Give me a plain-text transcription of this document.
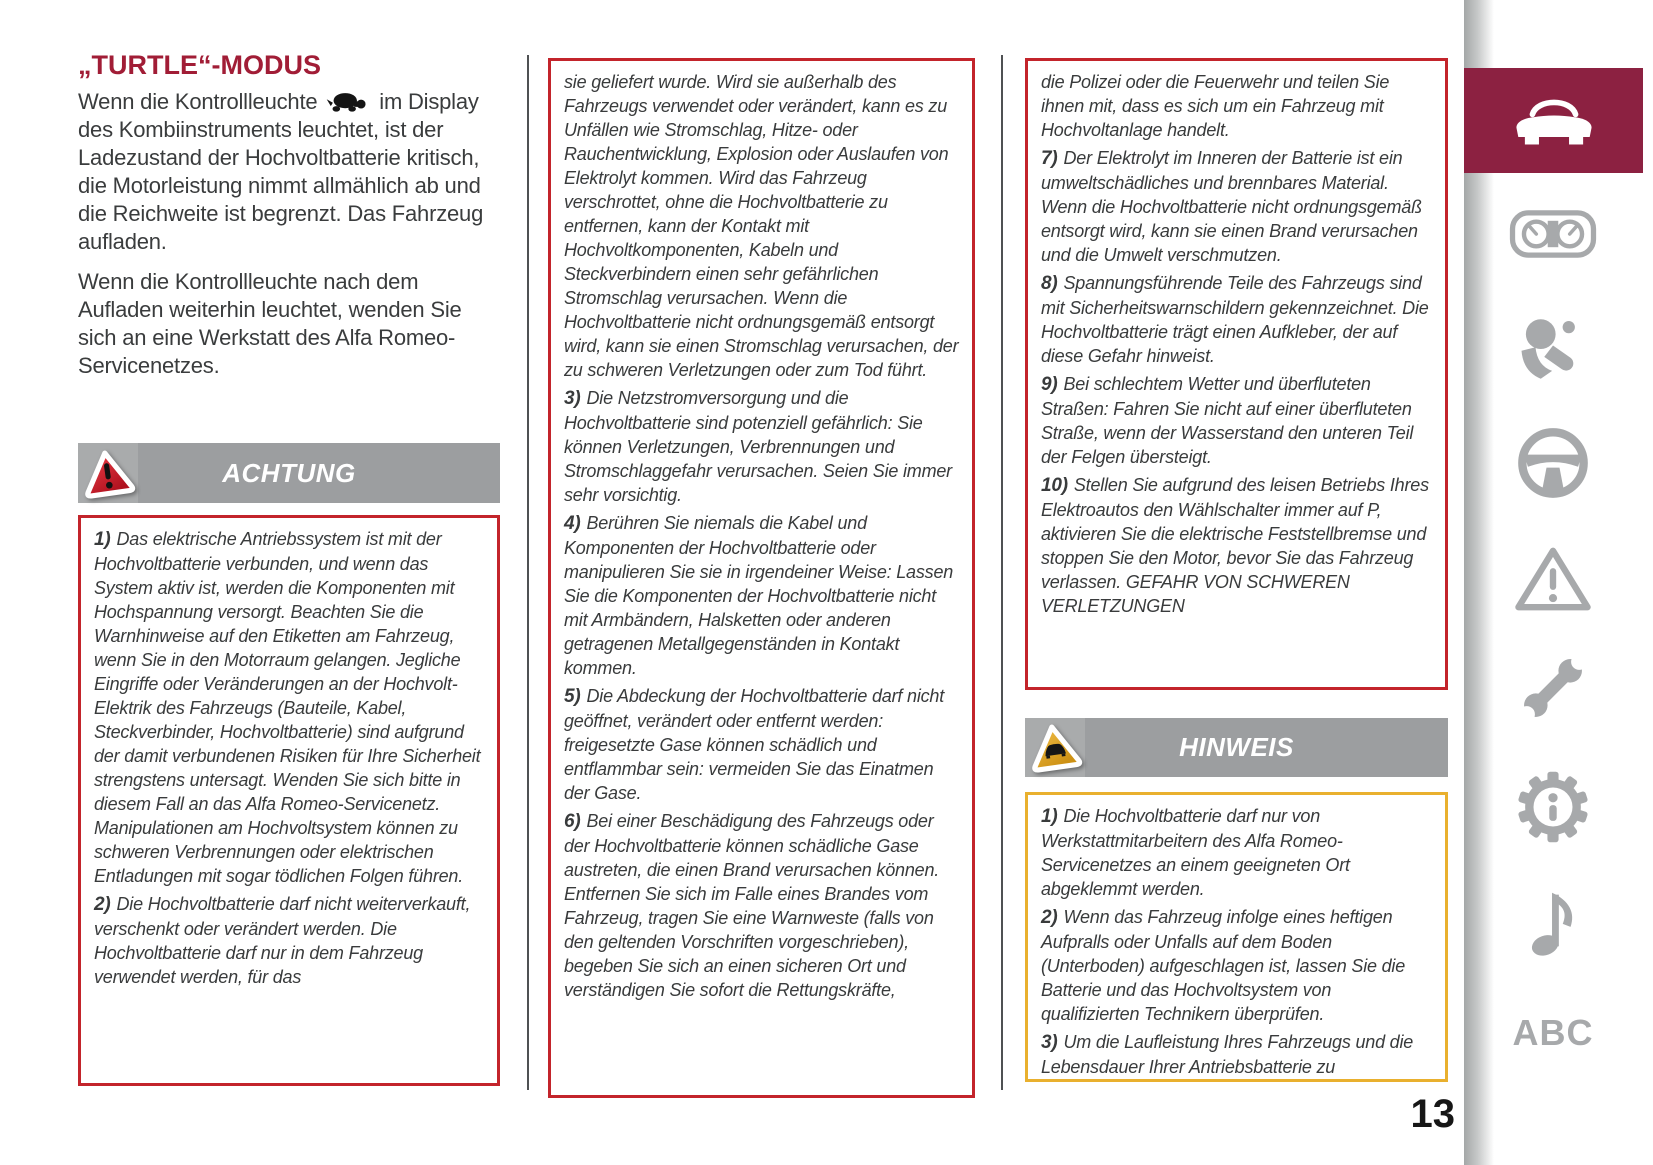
„TURTLE“-MODUS

Wenn die Kontrollleuchte	im Display des Kombiinstruments leuchtet, ist der Ladezustand der Hochvoltbatterie kritisch, die Motorleistung nimmt allmählich ab und die Reichweite ist begrenzt. Das Fahrzeug aufladen.

Wenn die Kontrollleuchte nach dem Aufladen weiterhin leuchtet, wenden Sie sich an eine Werkstatt des Alfa Romeo-Servicenetzes.

ACHTUNG

1) Das elektrische Antriebssystem ist mit der Hochvoltbatterie verbunden, und wenn das System aktiv ist, werden die Komponenten mit Hochspannung versorgt. Beachten Sie die Warnhinweise auf den Etiketten am Fahrzeug, wenn Sie in den Motorraum gelangen. Jegliche Eingriffe oder Veränderungen an der Hochvolt-Elektrik des Fahrzeugs (Bauteile, Kabel, Steckverbinder, Hochvoltbatterie) sind aufgrund der damit verbundenen Risiken für Ihre Sicherheit strengstens untersagt. Wenden Sie sich bitte in diesem Fall an das Alfa Romeo-Servicenetz. Manipulationen am Hochvoltsystem können zu schweren Verbrennungen oder elektrischen Entladungen mit sogar tödlichen Folgen führen.

2) Die Hochvoltbatterie darf nicht weiterverkauft, verschenkt oder verändert werden. Die Hochvoltbatterie darf nur in dem Fahrzeug verwendet werden, für das

sie geliefert wurde. Wird sie außerhalb des Fahrzeugs verwendet oder verändert, kann es zu Unfällen wie Stromschlag, Hitze- oder Rauchentwicklung, Explosion oder Auslaufen von Elektrolyt kommen. Wird das Fahrzeug verschrottet, ohne die Hochvoltbatterie zu entfernen, kann der Kontakt mit Hochvoltkomponenten, Kabeln und Steckverbindern einen sehr gefährlichen Stromschlag verursachen. Wenn die Hochvoltbatterie nicht ordnungsgemäß entsorgt wird, kann sie einen Stromschlag verursachen, der zu schweren Verletzungen oder zum Tod führt.

3) Die Netzstromversorgung und die Hochvoltbatterie sind potenziell gefährlich: Sie können Verletzungen, Verbrennungen und Stromschlaggefahr verursachen. Seien Sie immer sehr vorsichtig.

4) Berühren Sie niemals die Kabel und Komponenten der Hochvoltbatterie oder manipulieren Sie sie in irgendeiner Weise: Lassen Sie die Komponenten der Hochvoltbatterie nicht mit Armbändern, Halsketten oder anderen getragenen Metallgegenständen in Kontakt kommen.

5) Die Abdeckung der Hochvoltbatterie darf nicht geöffnet, verändert oder entfernt werden: freigesetzte Gase können schädlich und entflammbar sein: vermeiden Sie das Einatmen der Gase.

6) Bei einer Beschädigung des Fahrzeugs oder der Hochvoltbatterie können schädliche Gase austreten, die einen Brand verursachen können. Entfernen Sie sich im Falle eines Brandes vom Fahrzeug, tragen Sie eine Warnweste (falls von den geltenden Vorschriften vorgeschrieben), begeben Sie sich an einen sicheren Ort und verständigen Sie sofort die Rettungskräfte,

die Polizei oder die Feuerwehr und teilen Sie ihnen mit, dass es sich um ein Fahrzeug mit Hochvoltanlage handelt.

7) Der Elektrolyt im Inneren der Batterie ist ein umweltschädliches und brennbares Material. Wenn die Hochvoltbatterie nicht ordnungsgemäß entsorgt wird, kann sie einen Brand verursachen und die Umwelt verschmutzen.

8) Spannungsführende Teile des Fahrzeugs sind mit Sicherheitswarnschildern gekennzeichnet. Die Hochvoltbatterie trägt einen Aufkleber, der auf diese Gefahr hinweist.

9) Bei schlechtem Wetter und überfluteten Straßen: Fahren Sie nicht auf einer überfluteten Straße, wenn der Wasserstand den unteren Teil der Felgen übersteigt.

10) Stellen Sie aufgrund des leisen Betriebs Ihres Elektroautos den Wählschalter immer auf P, aktivieren Sie die elektrische Feststellbremse und stoppen Sie den Motor, bevor Sie das Fahrzeug verlassen. GEFAHR VON SCHWEREN VERLETZUNGEN

HINWEIS

1) Die Hochvoltbatterie darf nur von Werkstattmitarbeitern des Alfa Romeo-Servicenetzes an einem geeigneten Ort abgeklemmt werden.

2) Wenn das Fahrzeug infolge eines heftigen Aufpralls oder Unfalls auf dem Boden (Unterboden) aufgeschlagen ist, lassen Sie die Batterie und das Hochvoltsystem von qualifizierten Technikern überprüfen.

3) Um die Laufleistung Ihres Fahrzeugs und die Lebensdauer Ihrer Antriebsbatterie zu

13
ABC
